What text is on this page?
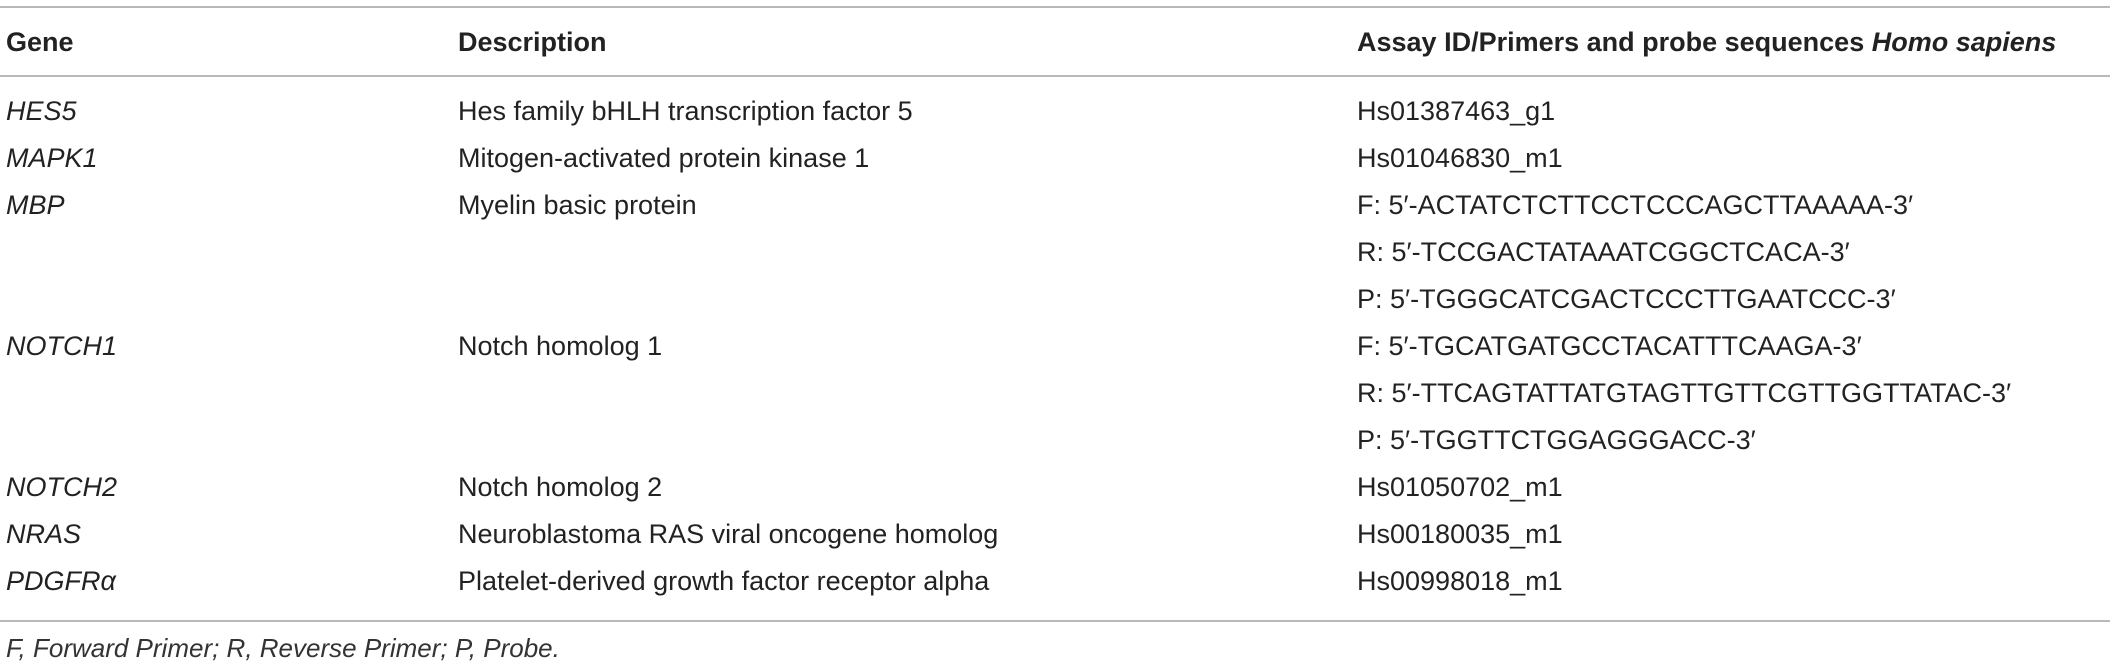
Gene	Description	Assay ID/Primers and probe sequences Homo sapiens
HES5	Hes family bHLH transcription factor 5	Hs01387463_g1
MAPK1	Mitogen-activated protein kinase 1	Hs01046830_m1
MBP	Myelin basic protein	F: 5′-ACTATCTCTTCCTCCCAGCTTAAAAA-3′
R: 5′-TCCGACTATAAATCGGCTCACA-3′
P: 5′-TGGGCATCGACTCCCTTGAATCCC-3′
NOTCH1	Notch homolog 1	F: 5′-TGCATGATGCCTACATTTCAAGA-3′
R: 5′-TTCAGTATTATGTAGTTGTTCGTTGGTTATAC-3′
P: 5′-TGGTTCTGGAGGGACC-3′
NOTCH2	Notch homolog 2	Hs01050702_m1
NRAS	Neuroblastoma RAS viral oncogene homolog	Hs00180035_m1
PDGFRα	Platelet-derived growth factor receptor alpha	Hs00998018_m1
F, Forward Primer; R, Reverse Primer; P, Probe.
